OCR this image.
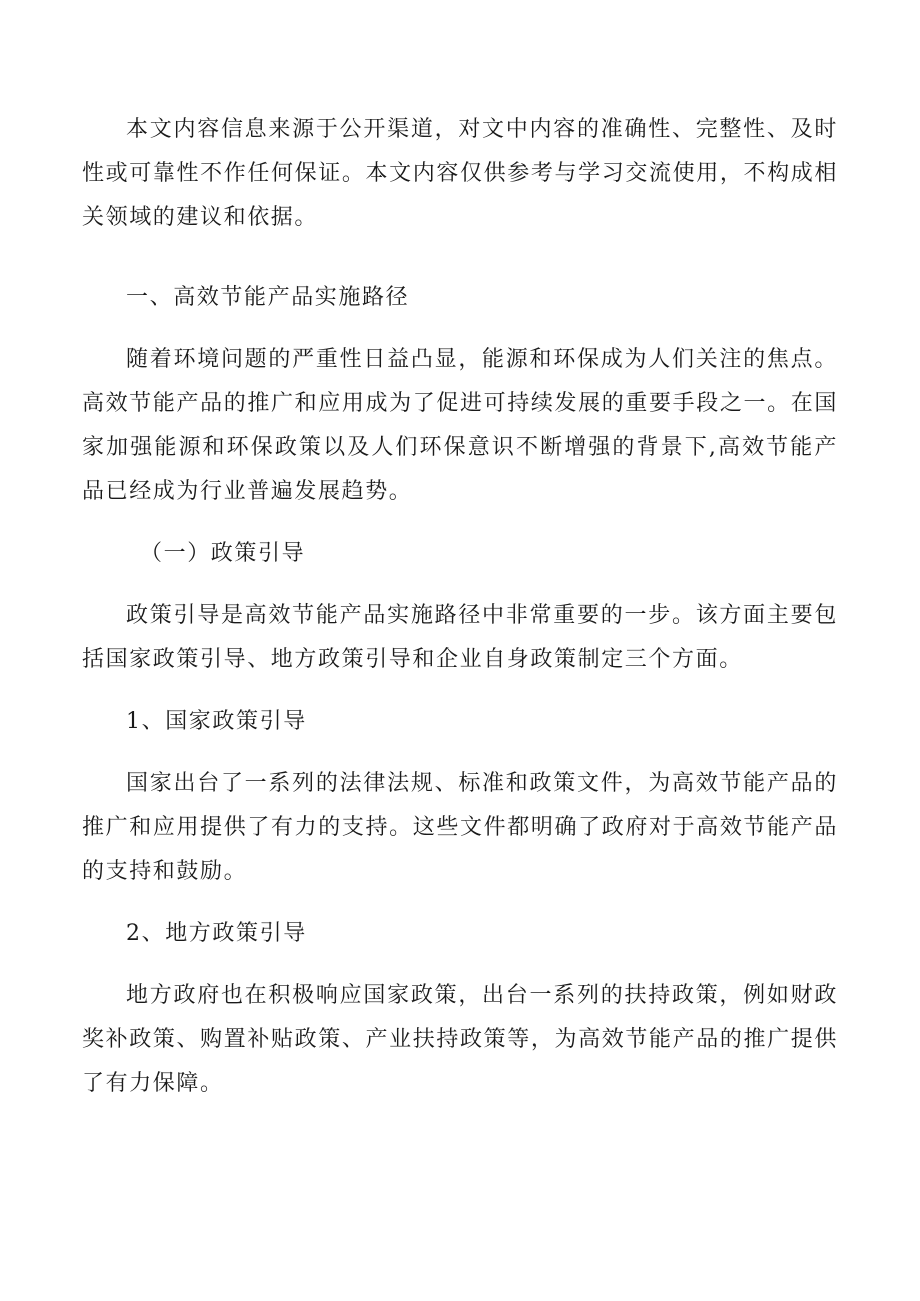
本文内容信息来源于公开渠道，对文中内容的准确性、完整性、及时性或可靠性不作任何保证。本文内容仅供参考与学习交流使用，不构成相关领域的建议和依据。

一、高效节能产品实施路径

随着环境问题的严重性日益凸显，能源和环保成为人们关注的焦点。高效节能产品的推广和应用成为了促进可持续发展的重要手段之一。在国家加强能源和环保政策以及人们环保意识不断增强的背景下,高效节能产品已经成为行业普遍发展趋势。

（一）政策引导

政策引导是高效节能产品实施路径中非常重要的一步。该方面主要包括国家政策引导、地方政策引导和企业自身政策制定三个方面。

1、国家政策引导

国家出台了一系列的法律法规、标准和政策文件，为高效节能产品的推广和应用提供了有力的支持。这些文件都明确了政府对于高效节能产品的支持和鼓励。

2、地方政策引导

地方政府也在积极响应国家政策，出台一系列的扶持政策，例如财政奖补政策、购置补贴政策、产业扶持政策等，为高效节能产品的推广提供了有力保障。
